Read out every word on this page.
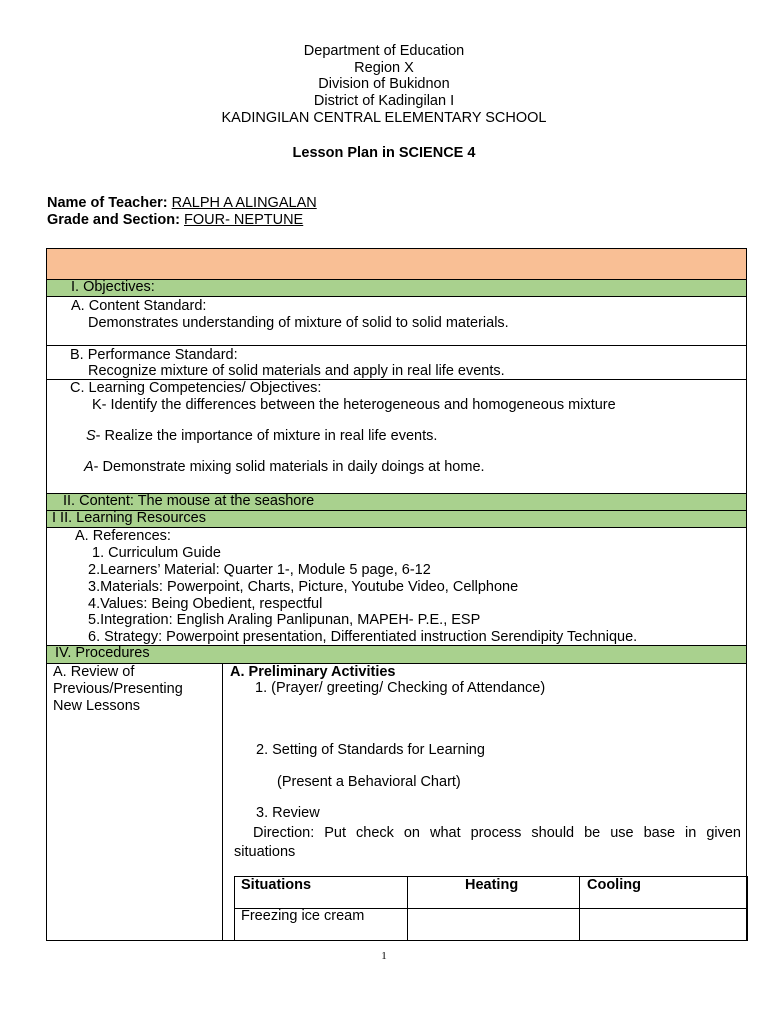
Department of Education
Region X
Division of Bukidnon
District of Kadingilan I
KADINGILAN CENTRAL ELEMENTARY SCHOOL
Lesson Plan in SCIENCE 4
Name of Teacher: RALPH A ALINGALAN
Grade and Section: FOUR- NEPTUNE
I. Objectives:
A. Content Standard:
Demonstrates understanding of mixture of solid to solid materials.
B. Performance Standard:
Recognize mixture of solid materials and apply in real life events.
C. Learning Competencies/ Objectives:
K- Identify the differences between the heterogeneous and homogeneous mixture
S- Realize the importance of mixture in real life events.
A- Demonstrate mixing solid materials in daily doings at home.
II. Content: The mouse at the seashore
I II. Learning Resources
A. References:
1. Curriculum Guide
2.Learners’ Material: Quarter 1-, Module 5 page, 6-12
3.Materials: Powerpoint, Charts, Picture, Youtube Video, Cellphone
4.Values: Being Obedient, respectful
5.Integration: English Araling Panlipunan, MAPEH- P.E., ESP
6. Strategy: Powerpoint presentation, Differentiated instruction Serendipity Technique.
IV. Procedures
A. Review of
Previous/Presenting
New Lessons
A. Preliminary Activities
1. (Prayer/ greeting/ Checking of Attendance)
2. Setting of Standards for Learning
(Present a Behavioral Chart)
3. Review
Direction: Put check on what process should be use base in given
situations
Situations	Heating	Cooling
Freezing ice cream
1
